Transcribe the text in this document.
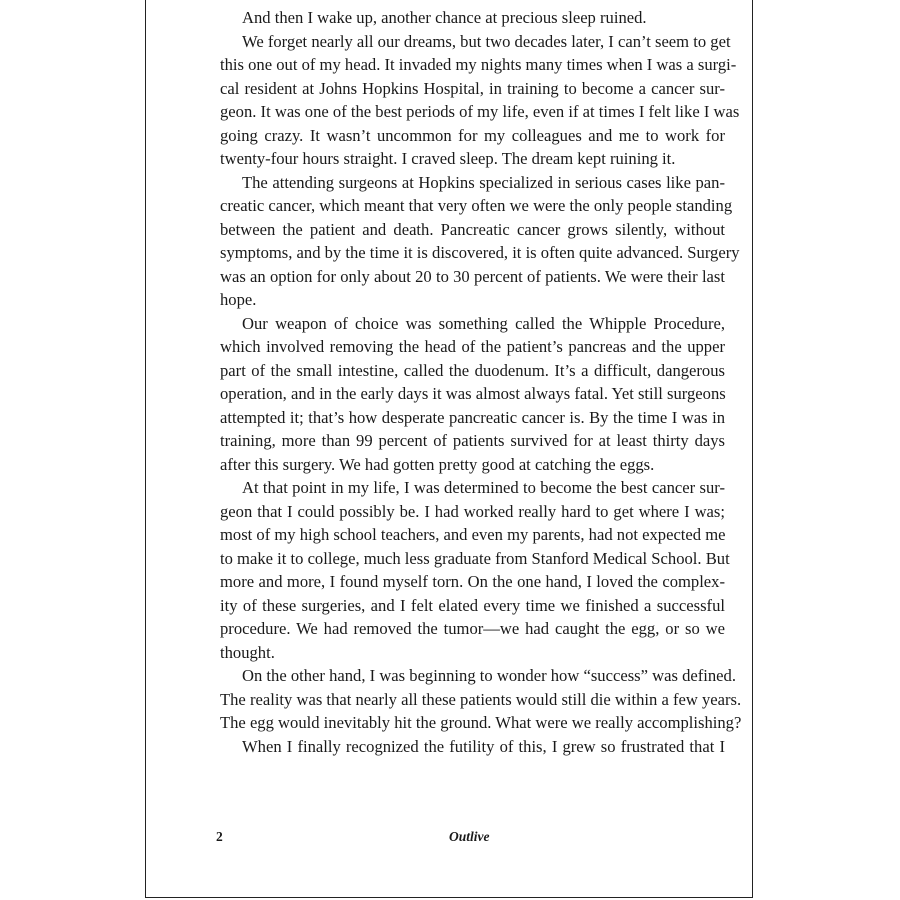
And then I wake up, another chance at precious sleep ruined.
We forget nearly all our dreams, but two decades later, I can’t seem to get
this one out of my head. It invaded my nights many times when I was a surgi-
cal resident at Johns Hopkins Hospital, in training to become a cancer sur-
geon. It was one of the best periods of my life, even if at times I felt like I was
going crazy. It wasn’t uncommon for my colleagues and me to work for
twenty-four hours straight. I craved sleep. The dream kept ruining it.
The attending surgeons at Hopkins specialized in serious cases like pan-
creatic cancer, which meant that very often we were the only people standing
between the patient and death. Pancreatic cancer grows silently, without
symptoms, and by the time it is discovered, it is often quite advanced. Surgery
was an option for only about 20 to 30 percent of patients. We were their last
hope.
Our weapon of choice was something called the Whipple Procedure,
which involved removing the head of the patient’s pancreas and the upper
part of the small intestine, called the duodenum. It’s a difficult, dangerous
operation, and in the early days it was almost always fatal. Yet still surgeons
attempted it; that’s how desperate pancreatic cancer is. By the time I was in
training, more than 99 percent of patients survived for at least thirty days
after this surgery. We had gotten pretty good at catching the eggs.
At that point in my life, I was determined to become the best cancer sur-
geon that I could possibly be. I had worked really hard to get where I was;
most of my high school teachers, and even my parents, had not expected me
to make it to college, much less graduate from Stanford Medical School. But
more and more, I found myself torn. On the one hand, I loved the complex-
ity of these surgeries, and I felt elated every time we finished a successful
procedure. We had removed the tumor—we had caught the egg, or so we
thought.
On the other hand, I was beginning to wonder how “success” was defined.
The reality was that nearly all these patients would still die within a few years.
The egg would inevitably hit the ground. What were we really accomplishing?
When I finally recognized the futility of this, I grew so frustrated that I
2	Outlive
